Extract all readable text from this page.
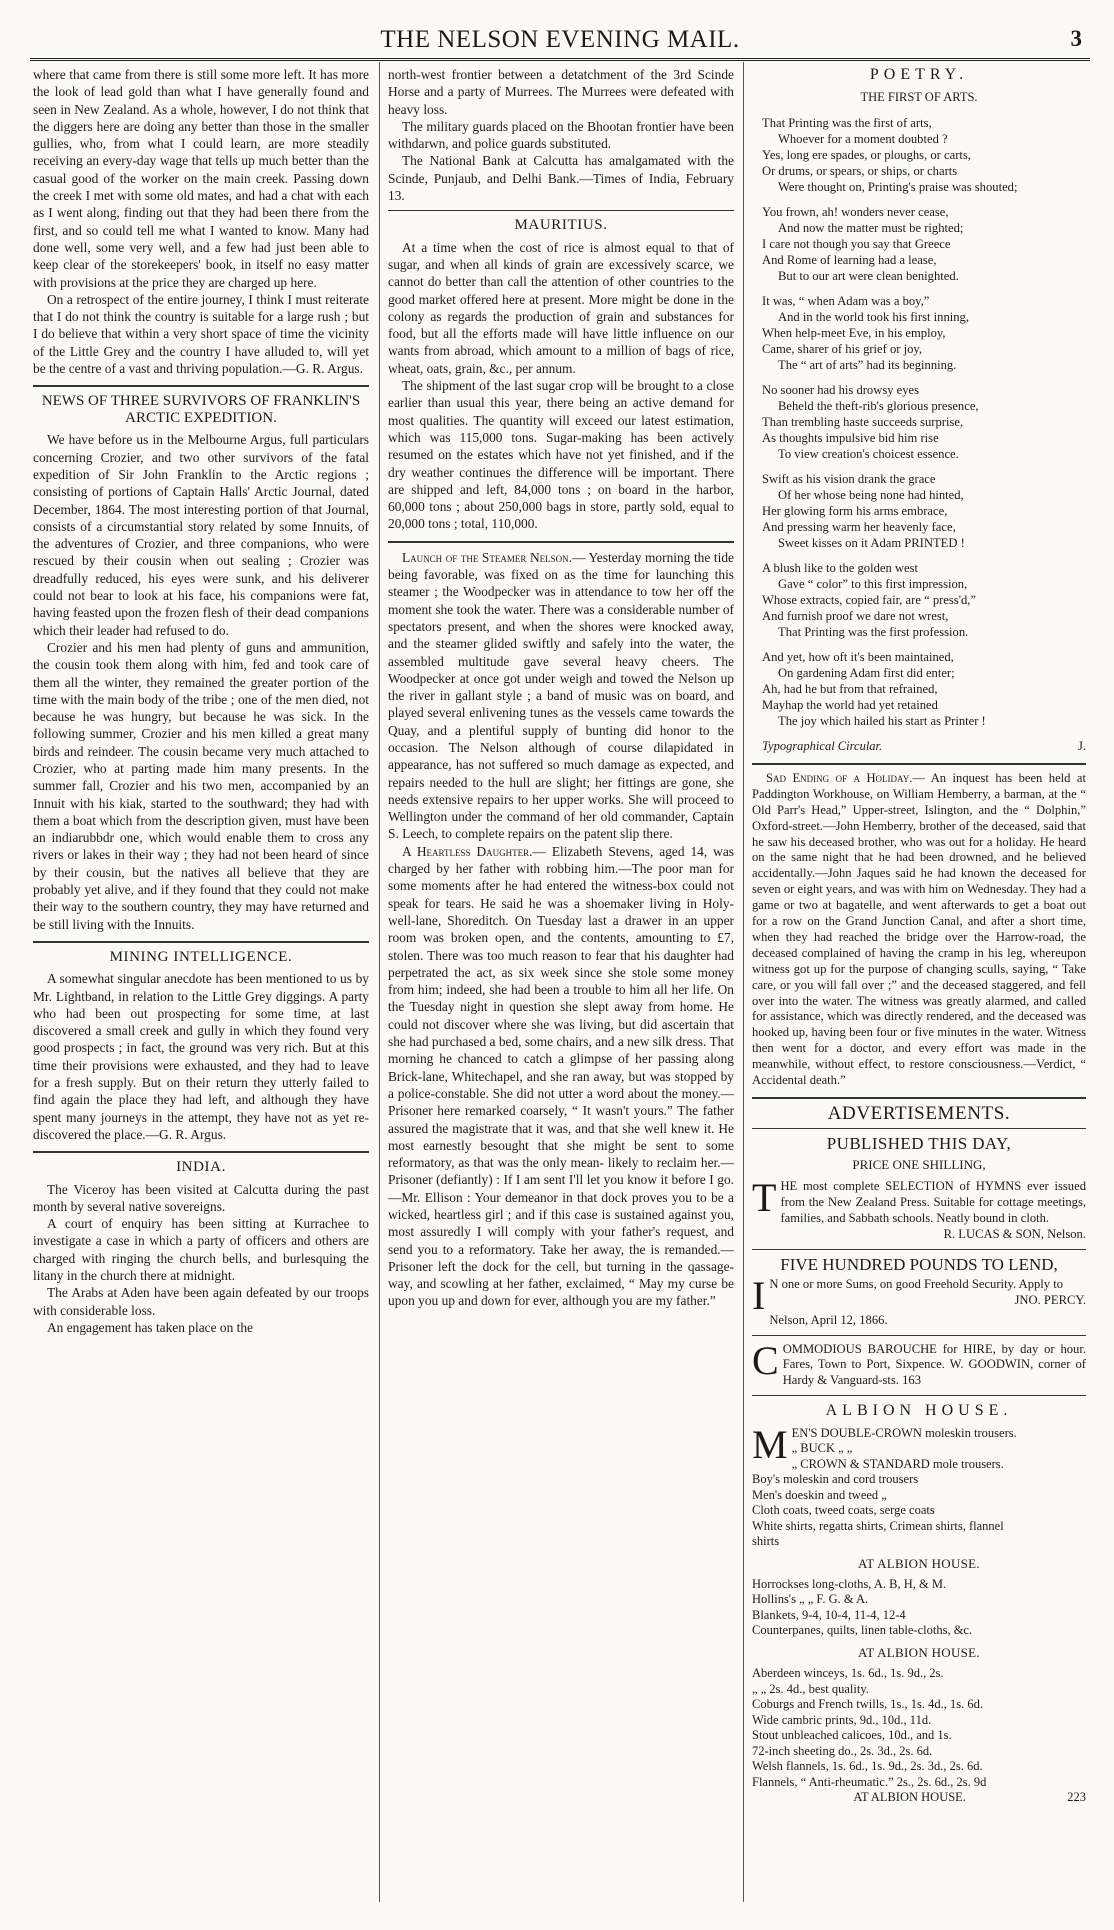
THE NELSON EVENING MAIL.	3

where that came from there is still some more left. It has more the look of lead gold than what I have generally found and seen in New Zealand. As a whole, however, I do not think that the diggers here are doing any better than those in the smaller gullies, who, from what I could learn, are more steadily receiving an every-day wage that tells up much better than the casual good of the worker on the main creek. Passing down the creek I met with some old mates, and had a chat with each as I went along, finding out that they had been there from the first, and so could tell me what I wanted to know. Many had done well, some very well, and a few had just been able to keep clear of the storekeepers' book, in itself no easy matter with provisions at the price they are charged up here.

On a retrospect of the entire journey, I think I must reiterate that I do not think the country is suitable for a large rush ; but I do believe that within a very short space of time the vicinity of the Little Grey and the country I have alluded to, will yet be the centre of a vast and thriving population.—G. R. Argus.

NEWS OF THREE SURVIVORS OF FRANKLIN'S ARCTIC EXPEDITION.

We have before us in the Melbourne Argus, full particulars concerning Crozier, and two other survivors of the fatal expedition of Sir John Franklin to the Arctic regions ; consisting of portions of Captain Halls' Arctic Journal, dated December, 1864. The most interesting portion of that Journal, consists of a circumstantial story related by some Innuits, of the adventures of Crozier, and three companions, who were rescued by their cousin when out sealing ; Crozier was dreadfully reduced, his eyes were sunk, and his deliverer could not bear to look at his face, his companions were fat, having feasted upon the frozen flesh of their dead companions which their leader had refused to do.

Crozier and his men had plenty of guns and ammunition, the cousin took them along with him, fed and took care of them all the winter, they remained the greater portion of the time with the main body of the tribe ; one of the men died, not because he was hungry, but because he was sick. In the following summer, Crozier and his men killed a great many birds and reindeer. The cousin became very much attached to Crozier, who at parting made him many presents. In the summer fall, Crozier and his two men, accompanied by an Innuit with his kiak, started to the southward; they had with them a boat which from the description given, must have been an indiarubbdr one, which would enable them to cross any rivers or lakes in their way ; they had not been heard of since by their cousin, but the natives all believe that they are probably yet alive, and if they found that they could not make their way to the southern country, they may have returned and be still living with the Innuits.

MINING INTELLIGENCE.

A somewhat singular anecdote has been mentioned to us by Mr. Lightband, in relation to the Little Grey diggings. A party who had been out prospecting for some time, at last discovered a small creek and gully in which they found very good prospects ; in fact, the ground was very rich. But at this time their provisions were exhausted, and they had to leave for a fresh supply. But on their return they utterly failed to find again the place they had left, and although they have spent many journeys in the attempt, they have not as yet re-discovered the place.—G. R. Argus.

INDIA.

The Viceroy has been visited at Calcutta during the past month by several native sovereigns.

A court of enquiry has been sitting at Kurrachee to investigate a case in which a party of officers and others are charged with ringing the church bells, and burlesquing the litany in the church there at midnight.

The Arabs at Aden have been again defeated by our troops with considerable loss.

An engagement has taken place on the

north-west frontier between a detatchment of the 3rd Scinde Horse and a party of Murrees. The Murrees were defeated with heavy loss.

The military guards placed on the Bhootan frontier have been withdarwn, and police guards substituted.

The National Bank at Calcutta has amalgamated with the Scinde, Punjaub, and Delhi Bank.—Times of India, February 13.

MAURITIUS.

At a time when the cost of rice is almost equal to that of sugar, and when all kinds of grain are excessively scarce, we cannot do better than call the attention of other countries to the good market offered here at present. More might be done in the colony as regards the production of grain and substances for food, but all the efforts made will have little influence on our wants from abroad, which amount to a million of bags of rice, wheat, oats, grain, &c., per annum.

The shipment of the last sugar crop will be brought to a close earlier than usual this year, there being an active demand for most qualities. The quantity will exceed our latest estimation, which was 115,000 tons. Sugar-making has been actively resumed on the estates which have not yet finished, and if the dry weather continues the difference will be important. There are shipped and left, 84,000 tons ; on board in the harbor, 60,000 tons ; about 250,000 bags in store, partly sold, equal to 20,000 tons ; total, 110,000.

Launch of the Steamer Nelson.— Yesterday morning the tide being favorable, was fixed on as the time for launching this steamer ; the Woodpecker was in attendance to tow her off the moment she took the water. There was a considerable number of spectators present, and when the shores were knocked away, and the steamer glided swiftly and safely into the water, the assembled multitude gave several heavy cheers. The Woodpecker at once got under weigh and towed the Nelson up the river in gallant style ; a band of music was on board, and played several enlivening tunes as the vessels came towards the Quay, and a plentiful supply of bunting did honor to the occasion. The Nelson although of course dilapidated in appearance, has not suffered so much damage as expected, and repairs needed to the hull are slight; her fittings are gone, she needs extensive repairs to her upper works. She will proceed to Wellington under the command of her old commander, Captain S. Leech, to complete repairs on the patent slip there.

A Heartless Daughter.— Elizabeth Stevens, aged 14, was charged by her father with robbing him.—The poor man for some moments after he had entered the witness-box could not speak for tears. He said he was a shoemaker living in Holy-well-lane, Shoreditch. On Tuesday last a drawer in an upper room was broken open, and the contents, amounting to £7, stolen. There was too much reason to fear that his daughter had perpetrated the act, as six week since she stole some money from him; indeed, she had been a trouble to him all her life. On the Tuesday night in question she slept away from home. He could not discover where she was living, but did ascertain that she had purchased a bed, some chairs, and a new silk dress. That morning he chanced to catch a glimpse of her passing along Brick-lane, Whitechapel, and she ran away, but was stopped by a police-constable. She did not utter a word about the money.—Prisoner here remarked coarsely, “ It wasn't yours.” The father assured the magistrate that it was, and that she well knew it. He most earnestly besought that she might be sent to some reformatory, as that was the only mean- likely to reclaim her.—Prisoner (defiantly) : If I am sent I'll let you know it before I go.—Mr. Ellison : Your demeanor in that dock proves you to be a wicked, heartless girl ; and if this case is sustained against you, most assuredly I will comply with your father's request, and send you to a reformatory. Take her away, the is remanded.—Prisoner left the dock for the cell, but turning in the qassage-way, and scowling at her father, exclaimed, “ May my curse be upon you up and down for ever, although you are my father.”

POETRY.
THE FIRST OF ARTS.
That Printing was the first of arts,
Whoever for a moment doubted ?
Yes, long ere spades, or ploughs, or carts,
Or drums, or spears, or ships, or charts
Were thought on, Printing's praise was shouted;
You frown, ah! wonders never cease,
And now the matter must be righted;
I care not though you say that Greece
And Rome of learning had a lease,
But to our art were clean benighted.
It was, “ when Adam was a boy,”
And in the world took his first inning,
When help-meet Eve, in his employ,
Came, sharer of his grief or joy,
The “ art of arts” had its beginning.
No sooner had his drowsy eyes
Beheld the theft-rib's glorious presence,
Than trembling haste succeeds surprise,
As thoughts impulsive bid him rise
To view creation's choicest essence.
Swift as his vision drank the grace
Of her whose being none had hinted,
Her glowing form his arms embrace,
And pressing warm her heavenly face,
Sweet kisses on it Adam PRINTED !
A blush like to the golden west
Gave “ color” to this first impression,
Whose extracts, copied fair, are “ press'd,”
And furnish proof we dare not wrest,
That Printing was the first profession.
And yet, how oft it's been maintained,
On gardening Adam first did enter;
Ah, had he but from that refrained,
Mayhap the world had yet retained
The joy which hailed his start as Printer !
Typographical Circular.	J.

Sad Ending of a Holiday.— An inquest has been held at Paddington Workhouse, on William Hemberry, a barman, at the “ Old Parr's Head,” Upper-street, Islington, and the “ Dolphin,” Oxford-street.—John Hemberry, brother of the deceased, said that he saw his deceased brother, who was out for a holiday. He heard on the same night that he had been drowned, and he believed accidentally.—John Jaques said he had known the deceased for seven or eight years, and was with him on Wednesday. They had a game or two at bagatelle, and went afterwards to get a boat out for a row on the Grand Junction Canal, and after a short time, when they had reached the bridge over the Harrow-road, the deceased complained of having the cramp in his leg, whereupon witness got up for the purpose of changing sculls, saying, “ Take care, or you will fall over ;” and the deceased staggered, and fell over into the water. The witness was greatly alarmed, and called for assistance, which was directly rendered, and the deceased was hooked up, having been four or five minutes in the water. Witness then went for a doctor, and every effort was made in the meanwhile, without effect, to restore consciousness.—Verdict, “ Accidental death.”

ADVERTISEMENTS.
PUBLISHED THIS DAY,
PRICE ONE SHILLING,
THE most complete SELECTION of HYMNS ever issued from the New Zealand Press. Suitable for cottage meetings, families, and Sabbath schools. Neatly bound in cloth.
R. LUCAS & SON, Nelson.
FIVE HUNDRED POUNDS TO LEND,
I N one or more Sums, on good Freehold Security. Apply to
JNO. PERCY.
Nelson, April 12, 1866.
COMMODIOUS BAROUCHE for HIRE, by day or hour. Fares, Town to Port, Sixpence. W. GOODWIN, corner of Hardy & Vanguard-sts. 163
ALBION HOUSE.
M EN'S DOUBLE-CROWN moleskin trousers.
„ BUCK „ „
„ CROWN & STANDARD mole trousers.
Boy's moleskin and cord trousers
Men's doeskin and tweed „
Cloth coats, tweed coats, serge coats
White shirts, regatta shirts, Crimean shirts, flannel
shirts
AT ALBION HOUSE.
Horrockses long-cloths, A. B, H, & M.
Hollins's „ „ F. G. & A.
Blankets, 9-4, 10-4, 11-4, 12-4
Counterpanes, quilts, linen table-cloths, &c.
AT ALBION HOUSE.
Aberdeen winceys, 1s. 6d., 1s. 9d., 2s.
„ „ 2s. 4d., best quality.
Coburgs and French twills, 1s., 1s. 4d., 1s. 6d.
Wide cambric prints, 9d., 10d., 11d.
Stout unbleached calicoes, 10d., and 1s.
72-inch sheeting do., 2s. 3d., 2s. 6d.
Welsh flannels, 1s. 6d., 1s. 9d., 2s. 3d., 2s. 6d.
Flannels, “ Anti-rheumatic.” 2s., 2s. 6d., 2s. 9d
AT ALBION HOUSE.	223
